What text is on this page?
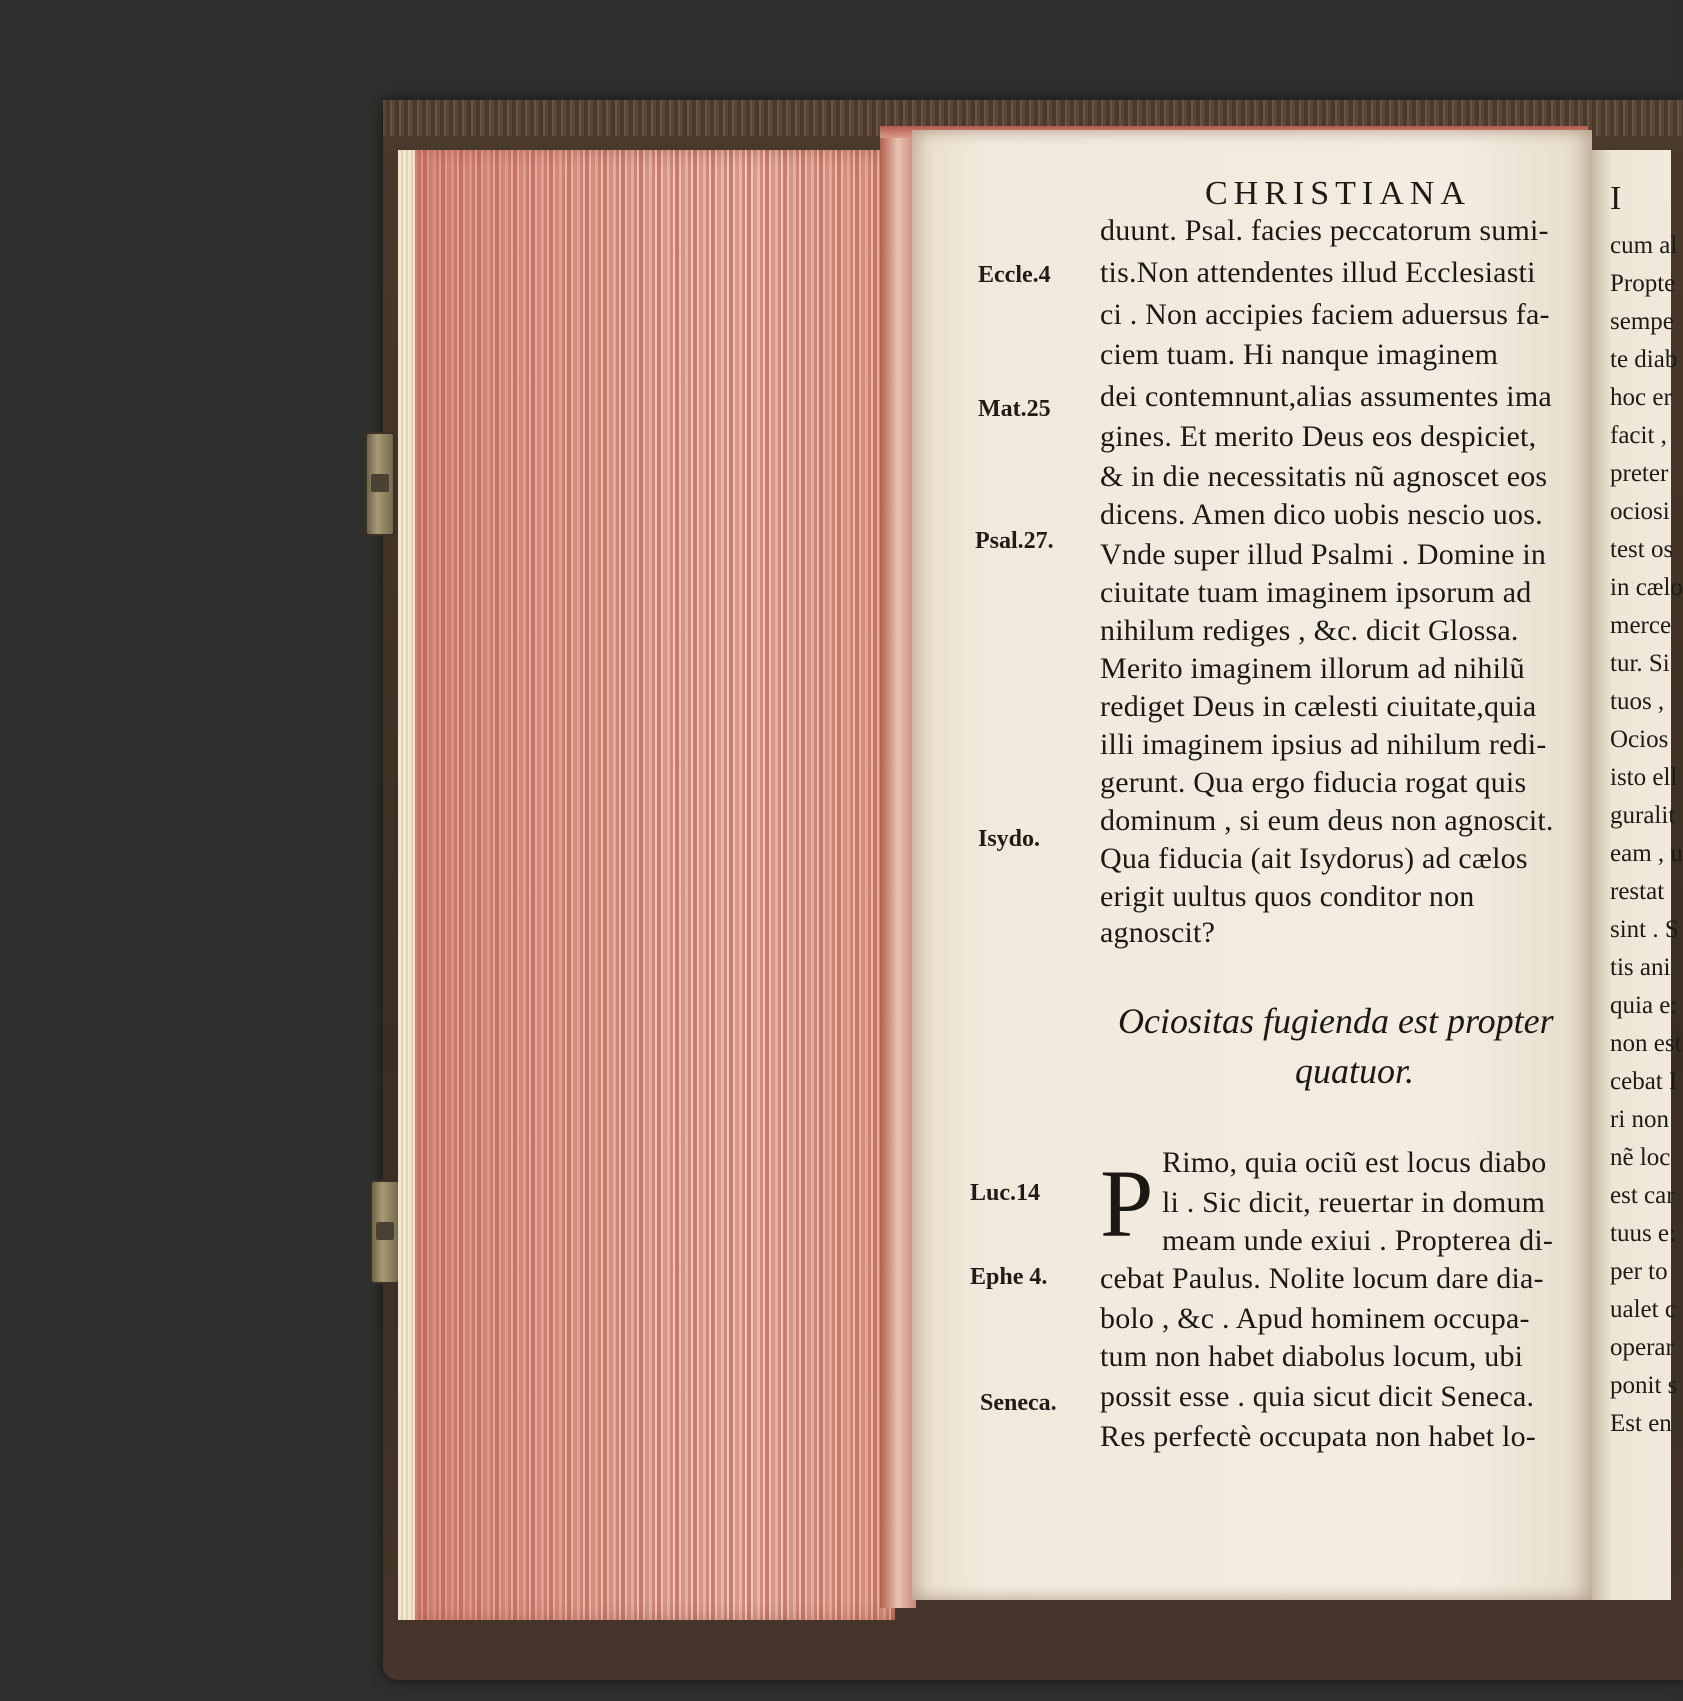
CHRISTIANA
duunt. Psal. facies peccatorum sumi-
tis.Non attendentes illud Ecclesiasti
ci . Non accipies faciem aduersus fa-
ciem tuam. Hi nanque imaginem
dei contemnunt,alias assumentes ima
gines. Et merito Deus eos despiciet,
& in die necessitatis nũ agnoscet eos
dicens. Amen dico uobis nescio uos.
Vnde super illud Psalmi . Domine in
ciuitate tuam imaginem ipsorum ad
nihilum rediges , &c. dicit Glossa.
Merito imaginem illorum ad nihilũ
rediget Deus in cælesti ciuitate,quia
illi imaginem ipsius ad nihilum redi-
gerunt. Qua ergo fiducia rogat quis
dominum , si eum deus non agnoscit.
Qua fiducia (ait Isydorus) ad cælos
erigit uultus quos conditor non
agnoscit?
Ociositas fugienda est propter
quatuor.
P Rimo, quia ociũ est locus diabo
li . Sic dicit, reuertar in domum
meam unde exiui . Propterea di-
cebat Paulus. Nolite locum dare dia-
bolo , &c . Apud hominem occupa-
tum non habet diabolus locum, ubi
possit esse . quia sicut dicit Seneca.
Res perfectè occupata non habet lo-
Eccle.4
Mat.25
Psal.27.
Isydo.
Luc.14
Ephe 4.
Seneca.
I
cum al
Propte
sempe
te diab
hoc er
facit ,
preter
ociosi
test os
in cælo
merce
tur. Si
tuos ,
Ocios
isto ell
guralit
eam , u
restat
sint . S
tis ani
quia e:
non est
cebat I
ri non
nẽ loc
est car
tuus e:
per to
ualet c
operar
ponit s
Est en
